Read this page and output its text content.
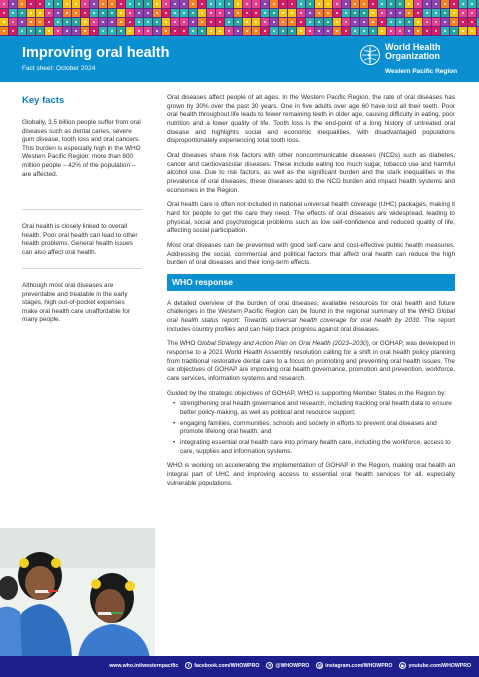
Improving oral health
Fact sheet: October 2024
World Health
Organization
Western Pacific Region
Key facts
Globally, 3.5 billion people suffer from oral diseases such as dental caries, severe gum disease, tooth loss and oral cancers. This burden is especially high in the WHO Western Pacific Region: more than 800 million people – 42% of the population – are affected.
Oral health is closely linked to overall health. Poor oral health can lead to other health problems. General health issues can also affect oral health.
Although most oral diseases are preventable and treatable in the early stages, high out-of-pocket expenses make oral health care unaffordable for many people.

Oral diseases affect people of all ages. In the Western Pacific Region, the rate of oral diseases has grown by 30% over the past 30 years. One in five adults over age 60 have lost all their teeth. Poor oral health throughout life leads to fewer remaining teeth in older age, causing difficulty in eating, poor nutrition and a lower quality of life. Tooth loss is the end-point of a long history of untreated oral disease and highlights social and economic inequalities, with disadvantaged populations disproportionately experiencing total tooth loss.

Oral diseases share risk factors with other noncommunicable diseases (NCDs) such as diabetes, cancer and cardiovascular diseases. These include eating too much sugar, tobacco use and harmful alcohol use. Due to risk factors, as well as the significant burden and the stark inequalities in the prevalence of oral diseases, these diseases add to the NCD burden and impact health systems and economies in the Region.

Oral health care is often not included in national universal health coverage (UHC) packages, making it hard for people to get the care they need. The effects of oral diseases are widespread, leading to physical, social and psychological problems such as low self-confidence and reduced quality of life, affecting social participation.

Most oral diseases can be prevented with good self-care and cost-effective public health measures. Addressing the social, commercial and political factors that affect oral health can reduce the high burden of oral diseases and their long-term effects.

WHO response

A detailed overview of the burden of oral diseases, available resources for oral health and future challenges in the Western Pacific Region can be found in the regional summary of the WHO Global oral health status report: Towards universal health coverage for oral health by 2030. The report includes country profiles and can help track progress against oral diseases.

The WHO Global Strategy and Action Plan on Oral Health (2023–2030), or GOHAP, was developed in response to a 2021 World Health Assembly resolution calling for a shift in oral health policy planning from traditional restorative dental care to a focus on promoting and preventing oral health issues. The six objectives of GOHAP are improving oral health governance, promotion and prevention, workforce, care services, information systems and research.

Guided by the strategic objectives of GOHAP, WHO is supporting Member States in the Region by:

• strengthening oral health governance and research, including tracking oral health data to ensure better policy-making, as well as political and resource support;
• engaging families, communities, schools and society in efforts to prevent oral diseases and promote lifelong oral health; and
• integrating essential oral health care into primary health care, including the workforce, access to care, supplies and information systems.

WHO is working on accelerating the implementation of GOHAP in the Region, making oral health an integral part of UHC and improving access to essential oral health services for all, especially vulnerable populations.

www.who.int/westernpacific	f facebook.com/WHOWPRO	✕ @WHOWPRO	◎ instagram.com/WHOWPRO	▶ youtube.com/WHOWPRO
